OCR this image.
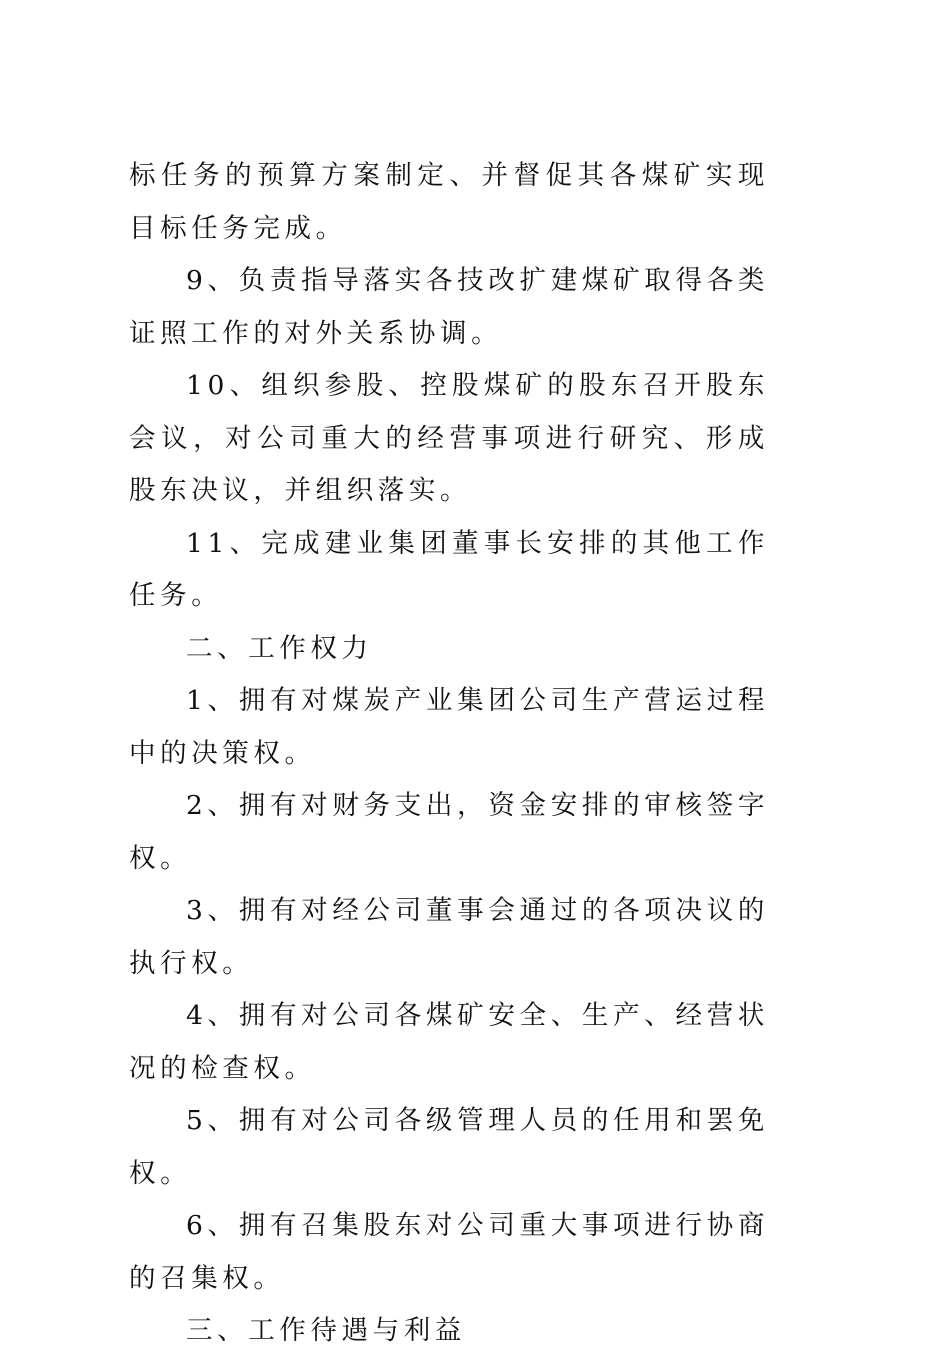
标任务的预算方案制定、并督促其各煤矿实现目标任务完成。

9、负责指导落实各技改扩建煤矿取得各类证照工作的对外关系协调。

10、组织参股、控股煤矿的股东召开股东会议，对公司重大的经营事项进行研究、形成股东决议，并组织落实。

11、完成建业集团董事长安排的其他工作任务。

二、工作权力

1、拥有对煤炭产业集团公司生产营运过程中的决策权。

2、拥有对财务支出，资金安排的审核签字权。

3、拥有对经公司董事会通过的各项决议的执行权。

4、拥有对公司各煤矿安全、生产、经营状况的检查权。

5、拥有对公司各级管理人员的任用和罢免权。

6、拥有召集股东对公司重大事项进行协商的召集权。

三、工作待遇与利益
